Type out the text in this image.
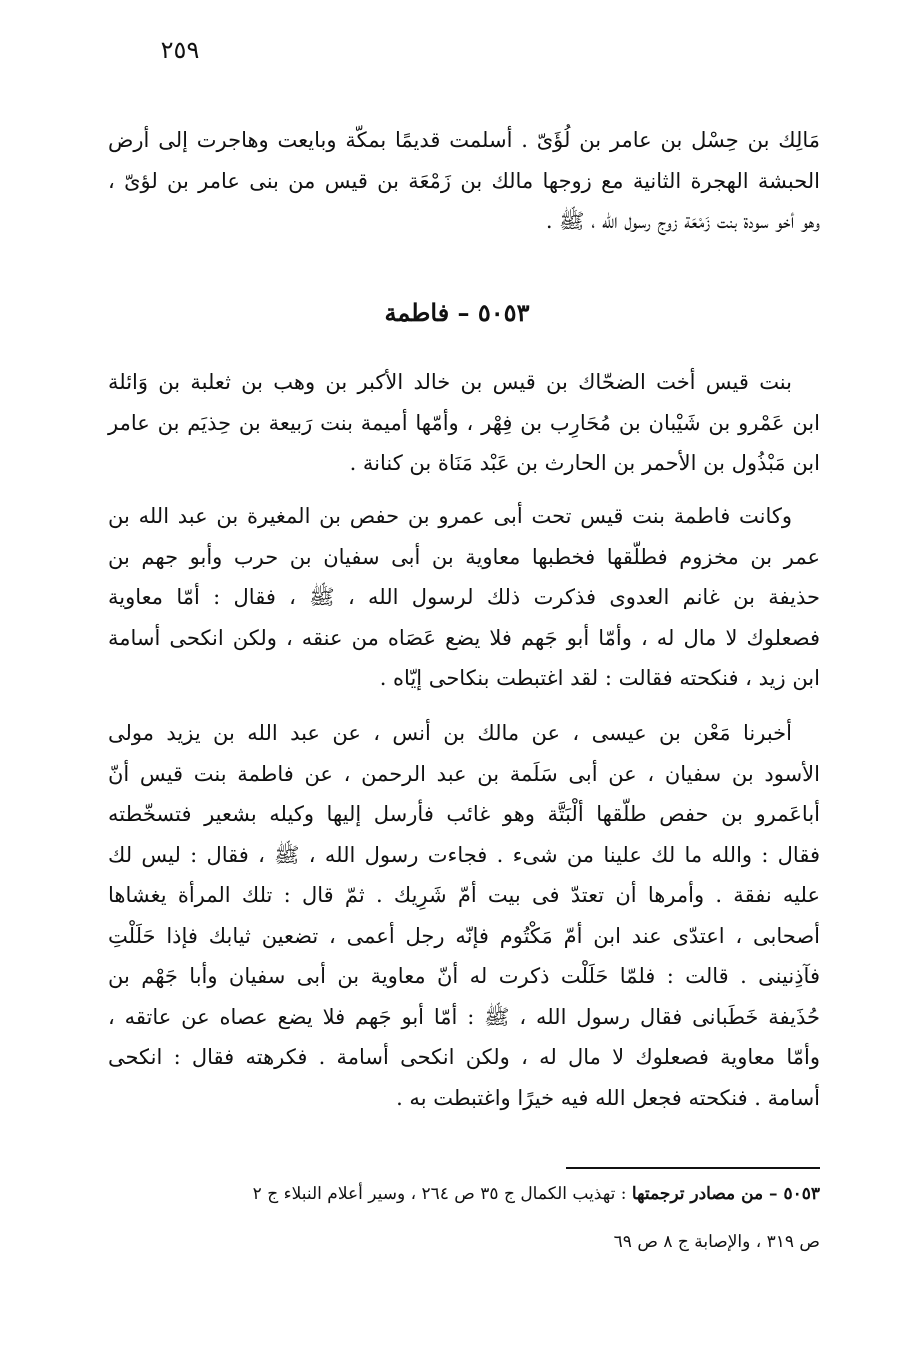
٢٥٩
مَالِك بن حِسْل بن عامر بن لُؤَىّ . أسلمت قديمًا بمكّة وبايعت وهاجرت إلى أرض
الحبشة الهجرة الثانية مع زوجها مالك بن زَمْعَة بن قيس من بنى عامر بن لؤىّ ،
وهو أخو سودة بنت زَمْعَة زوج رسول الله ، ﷺ .
٥٠٥٣ – فاطمة
بنت قيس أخت الضحّاك بن قيس بن خالد الأكبر بن وهب بن ثعلبة بن وَائلة
ابن عَمْرو بن شَيْبان بن مُحَارِب بن فِهْر ، وأمّها أميمة بنت رَبيعة بن حِذيَم بن عامر
ابن مَبْذُول بن الأحمر بن الحارث بن عَبْد مَنَاة بن كنانة .
وكانت فاطمة بنت قيس تحت أبى عمرو بن حفص بن المغيرة بن عبد الله بن
عمر بن مخزوم فطلّقها فخطبها معاوية بن أبى سفيان بن حرب وأبو جهم بن
حذيفة بن غانم العدوى فذكرت ذلك لرسول الله ، ﷺ ، فقال : أمّا معاوية
فصعلوك لا مال له ، وأمّا أبو جَهم فلا يضع عَصَاه من عنقه ، ولكن انكحى أسامة
ابن زيد ، فنكحته فقالت : لقد اغتبطت بنكاحى إيّاه .
أخبرنا مَعْن بن عيسى ، عن مالك بن أنس ، عن عبد الله بن يزيد مولى
الأسود بن سفيان ، عن أبى سَلَمة بن عبد الرحمن ، عن فاطمة بنت قيس أنّ
أباعَمرو بن حفص طلّقها ألْبَتَّة وهو غائب فأرسل إليها وكيله بشعير فتسخّطته
فقال : والله ما لك علينا من شىء . فجاءت رسول الله ، ﷺ ، فقال : ليس لك
عليه نفقة . وأمرها أن تعتدّ فى بيت أمّ شَرِيك . ثمّ قال : تلك المرأة يغشاها
أصحابى ، اعتدّى عند ابن أمّ مَكْتُوم فإنّه رجل أعمى ، تضعين ثيابك فإذا حَلَلْتِ
فآذِنينى . قالت : فلمّا حَلَلْت ذكرت له أنّ معاوية بن أبى سفيان وأبا جَهْم بن
حُذَيفة خَطَبانى فقال رسول الله ، ﷺ : أمّا أبو جَهم فلا يضع عصاه عن عاتقه ،
وأمّا معاوية فصعلوك لا مال له ، ولكن انكحى أسامة . فكرهته فقال : انكحى
أسامة . فنكحته فجعل الله فيه خيرًا واغتبطت به .
٥٠٥٣ – من مصادر ترجمتها : تهذيب الكمال ج ٣٥ ص ٢٦٤ ، وسير أعلام النبلاء ج ٢
ص ٣١٩ ، والإصابة ج ٨ ص ٦٩
